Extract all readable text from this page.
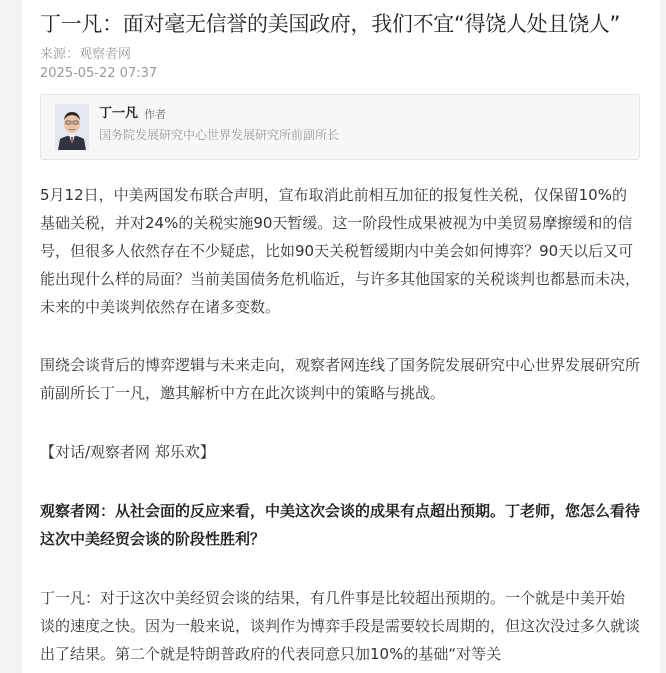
丁一凡：面对毫无信誉的美国政府，我们不宜“得饶人处且饶人”
来源：观察者网
2025-05-22 07:37
丁一凡 作者
国务院发展研究中心世界发展研究所前副所长

5月12日，中美两国发布联合声明，宣布取消此前相互加征的报复性关税，仅保留10%的基础关税，并对24%的关税实施90天暂缓。这一阶段性成果被视为中美贸易摩擦缓和的信号，但很多人依然存在不少疑虑，比如90天关税暂缓期内中美会如何博弈？90天以后又可能出现什么样的局面？当前美国债务危机临近，与许多其他国家的关税谈判也都悬而未决，未来的中美谈判依然存在诸多变数。

围绕会谈背后的博弈逻辑与未来走向，观察者网连线了国务院发展研究中心世界发展研究所前副所长丁一凡，邀其解析中方在此次谈判中的策略与挑战。

【对话/观察者网 郑乐欢】

观察者网：从社会面的反应来看，中美这次会谈的成果有点超出预期。丁老师，您怎么看待这次中美经贸会谈的阶段性胜利？

丁一凡：对于这次中美经贸会谈的结果，有几件事是比较超出预期的。一个就是中美开始谈的速度之快。因为一般来说，谈判作为博弈手段是需要较长周期的，但这次没过多久就谈出了结果。第二个就是特朗普政府的代表同意只加10%的基础“对等关
